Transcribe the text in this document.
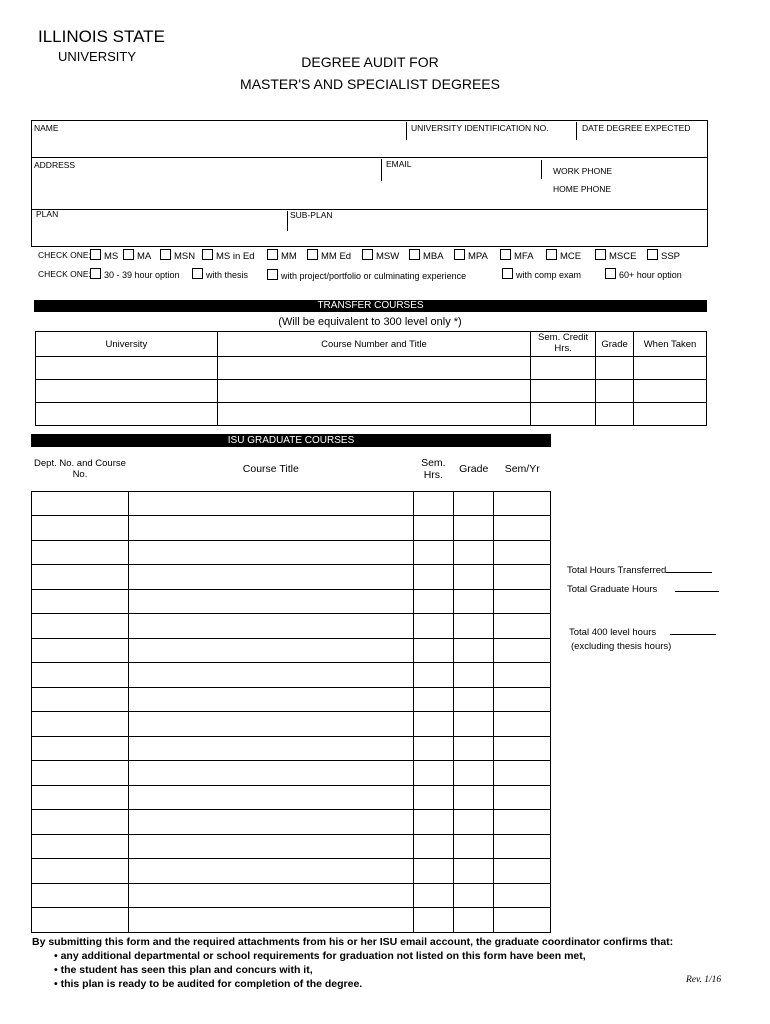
ILLINOIS STATE
UNIVERSITY	DEGREE AUDIT FOR
MASTER'S AND SPECIALIST DEGREES
NAME	UNIVERSITY IDENTIFICATION NO.	DATE DEGREE EXPECTED
ADDRESS	EMAIL
WORK PHONE
HOME PHONE
PLAN	SUB-PLAN
CHECK ONE:	MS	MA	MSN	MS in Ed	MM	MM Ed	MSW	MBA	MPA	MFA	MCE	MSCE	SSP
CHECK ONE:	30 - 39 hour option	with thesis	with project/portfolio or culminating experience	with comp exam	60+ hour option
TRANSFER COURSES
(Will be equivalent to 300 level only *)
University	Course Number and Title	Sem. Credit Hrs.	Grade	When Taken

ISU GRADUATE COURSES
Dept. No. and Course No.	Course Title	Sem. Hrs.	Grade	Sem/Yr

Total Hours Transferred
Total Graduate Hours
Total 400 level hours
(excluding thesis hours)
By submitting this form and the required attachments from his or her ISU email account, the graduate coordinator confirms that:
• any additional departmental or school requirements for graduation not listed on this form have been met,
• the student has seen this plan and concurs with it,
• this plan is ready to be audited for completion of the degree.	Rev. 1/16
